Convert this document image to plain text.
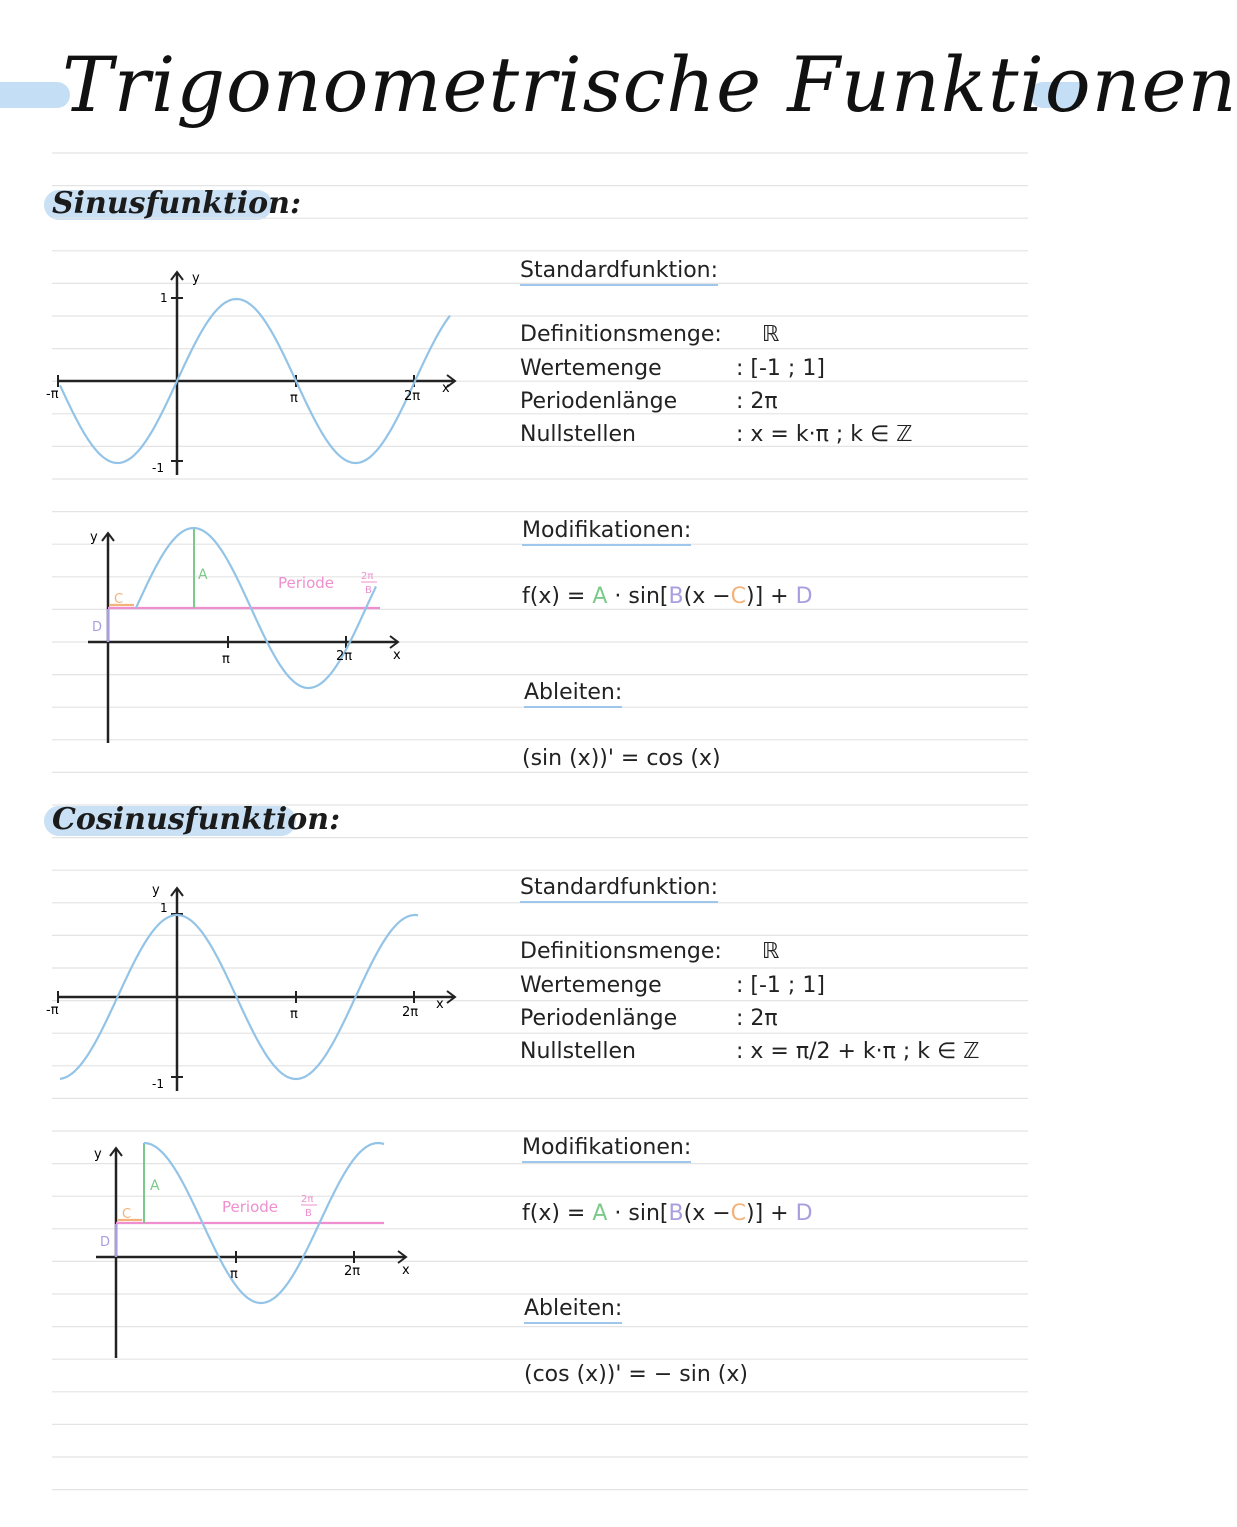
Trigonometrische Funktionen
Sinusfunktion:
y
1
-1
x
-π	π	2π
y
x
A
C
D
Periode	2π
B
π	2π
Standardfunktion:
Definitionsmenge: ℝ
Wertemenge	: [-1 ; 1]
Periodenlänge	: 2π
Nullstellen	: x = k·π ; k ∈ ℤ
Modifikationen:
f(x) = A · sin[B(x −C)] + D
Ableiten:
(sin (x))' = cos (x)
Cosinusfunktion:
y
1
-1
x
-π	π	2π
y
x
A
C
D
Periode 2π
B
π	2π
Standardfunktion:
Definitionsmenge: ℝ
Wertemenge	: [-1 ; 1]
Periodenlänge	: 2π
Nullstellen	: x = π/2 + k·π ; k ∈ ℤ
Modifikationen:
f(x) = A · sin[B(x −C)] + D
Ableiten:
(cos (x))' = − sin (x)
